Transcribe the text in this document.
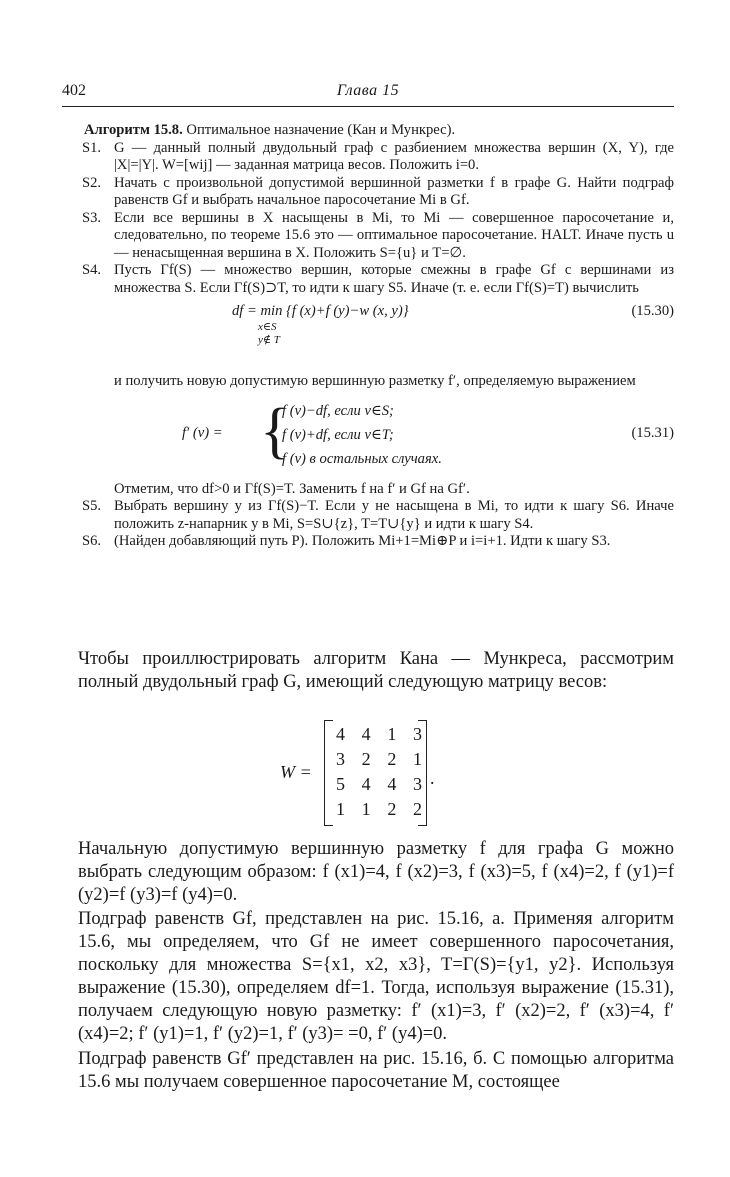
402	Глава 15
Алгоритм 15.8. Оптимальное назначение (Кан и Мункрес).
S1. G — данный полный двудольный граф с разбиением множества вершин (X, Y), где |X|=|Y|. W=[wij] — заданная матрица весов. Положить i=0.

S2. Начать с произвольной допустимой вершинной разметки f в графе G. Найти подграф равенств Gf и выбрать начальное паросочетание Mi в Gf.

S3. Если все вершины в X насыщены в Mi, то Mi — совершенное паросочетание и, следовательно, по теореме 15.6 это — оптимальное паросочетание. HALT. Иначе пусть u — ненасыщенная вершина в X. Положить S={u} и T=∅.

S4. Пусть Γf(S) — множество вершин, которые смежны в графе Gf с вершинами из множества S. Если Γf(S)⊃T, то идти к шагу S5. Иначе (т. е. если Γf(S)=T) вычислить

df = min {f (x)+f (y)−w (x, y)}
x∈S
y∉ T
(15.30)

и получить новую допустимую вершинную разметку f′, определяемую выражением

f′ (v) = {
f (v)−df, если v∈S;
f (v)+df, если v∈T;
f (v) в остальных случаях.
(15.31)

Отметим, что df>0 и Γf(S)=T. Заменить f на f′ и Gf на Gf′.

S5. Выбрать вершину y из Γf(S)−T. Если y не насыщена в Mi, то идти к шагу S6. Иначе положить z-напарник y в Mi, S=S∪{z}, T=T∪{y} и идти к шагу S4.

S6. (Найден добавляющий путь P). Положить Mi+1=Mi⊕P и i=i+1. Идти к шагу S3.

Чтобы проиллюстрировать алгоритм Кана — Мункреса, рассмотрим полный двудольный граф G, имеющий следующую матрицу весов:

W =
4 4 1 3
3 2 2 1
5 4 4 3
1 1 2 2
.

Начальную допустимую вершинную разметку f для графа G можно выбрать следующим образом: f (x1)=4, f (x2)=3, f (x3)=5, f (x4)=2, f (y1)=f (y2)=f (y3)=f (y4)=0.

Подграф равенств Gf, представлен на рис. 15.16, а. Применяя алгоритм 15.6, мы определяем, что Gf не имеет совершенного паросочетания, поскольку для множества S={x1, x2, x3}, T=Γ(S)={y1, y2}. Используя выражение (15.30), определяем df=1. Тогда, используя выражение (15.31), получаем следующую новую разметку: f′ (x1)=3, f′ (x2)=2, f′ (x3)=4, f′ (x4)=2; f′ (y1)=1, f′ (y2)=1, f′ (y3)= =0, f′ (y4)=0.

Подграф равенств Gf′ представлен на рис. 15.16, б. С помощью алгоритма 15.6 мы получаем совершенное паросочетание M, состоящее
